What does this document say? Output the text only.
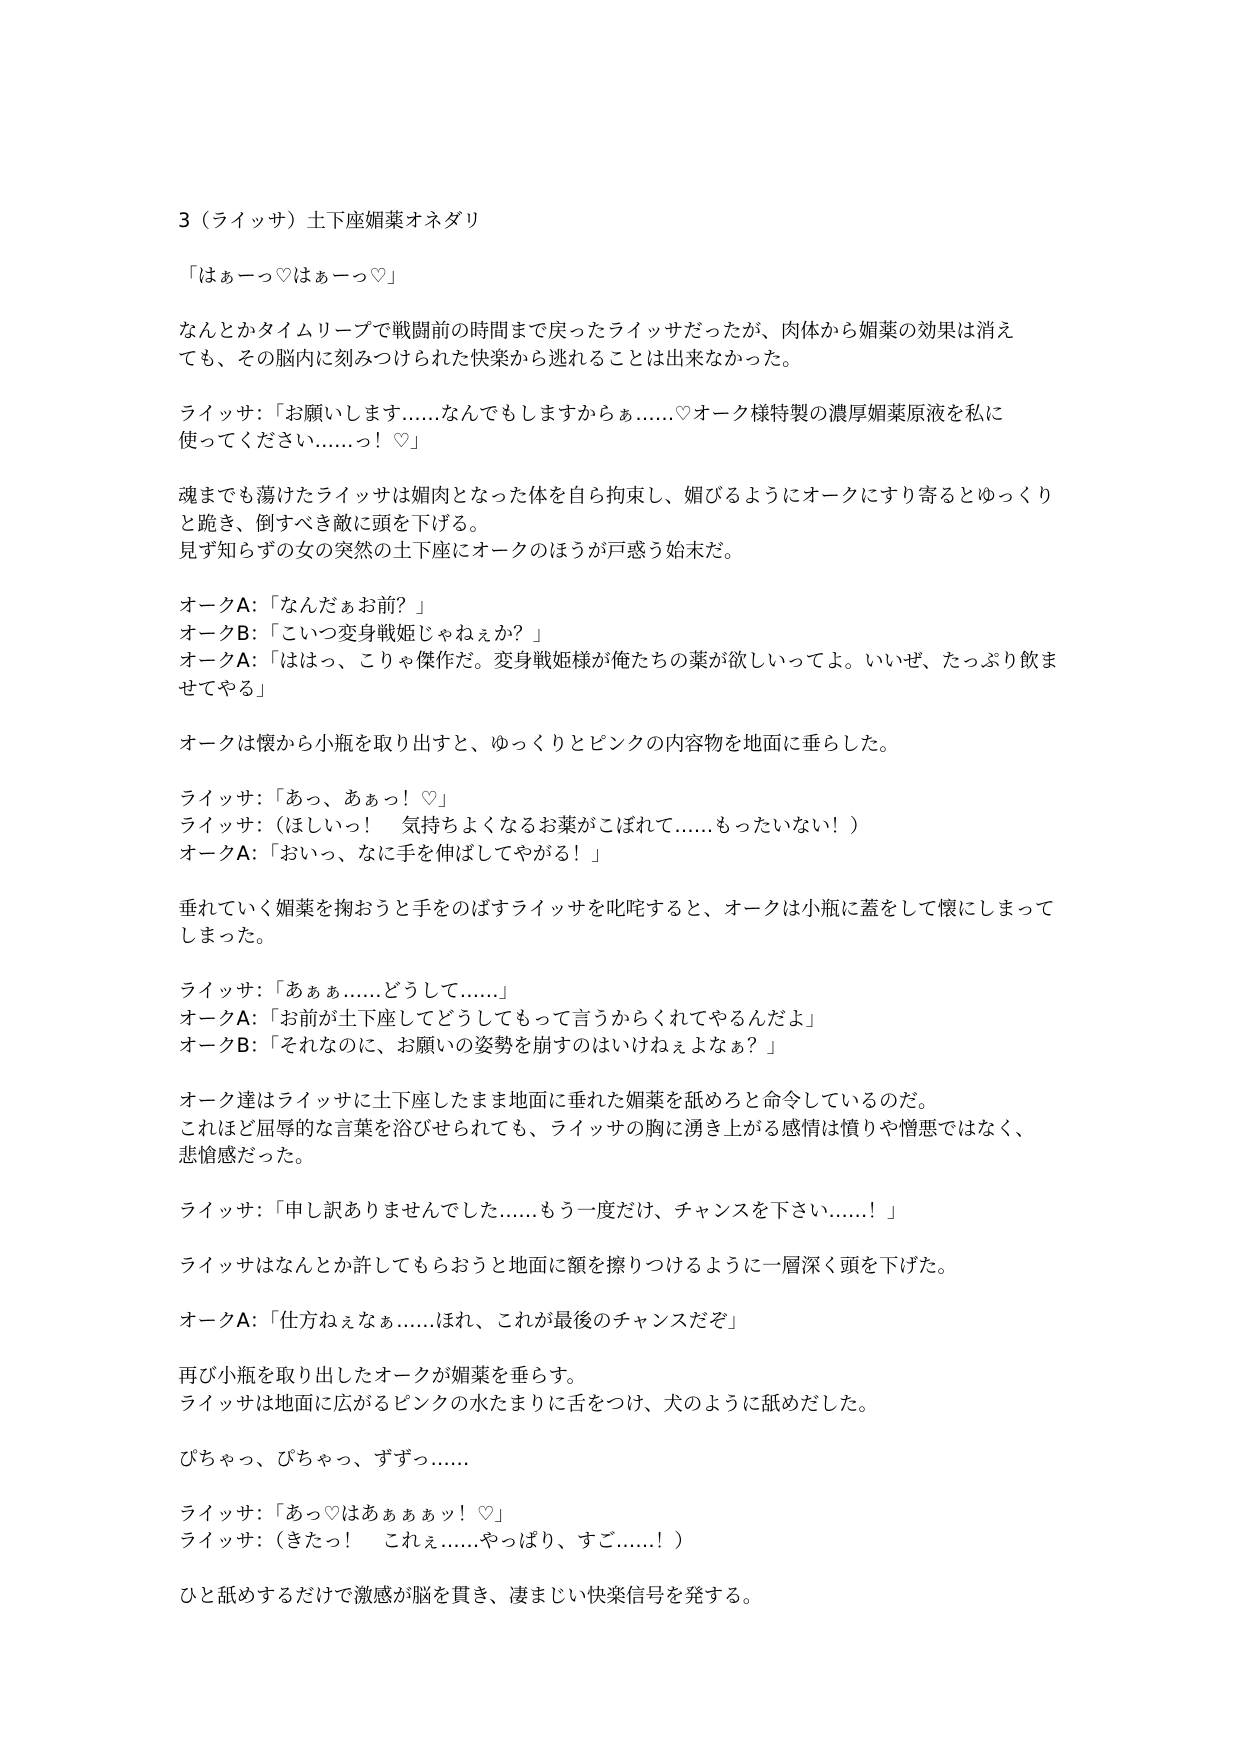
3（ライッサ）土下座媚薬オネダリ

「はぁーっ♡はぁーっ♡」

なんとかタイムリープで戦闘前の時間まで戻ったライッサだったが、肉体から媚薬の効果は消え
ても、その脳内に刻みつけられた快楽から逃れることは出来なかった。

ライッサ：「お願いします……なんでもしますからぁ……♡オーク様特製の濃厚媚薬原液を私に
使ってください……っ！♡」

魂までも蕩けたライッサは媚肉となった体を自ら拘束し、媚びるようにオークにすり寄るとゆっくり
と跪き、倒すべき敵に頭を下げる。
見ず知らずの女の突然の土下座にオークのほうが戸惑う始末だ。

オークA：「なんだぁお前？」
オークB：「こいつ変身戦姫じゃねぇか？」
オークA：「ははっ、こりゃ傑作だ。変身戦姫様が俺たちの薬が欲しいってよ。いいぜ、たっぷり飲ま
せてやる」

オークは懐から小瓶を取り出すと、ゆっくりとピンクの内容物を地面に垂らした。

ライッサ：「あっ、あぁっ！♡」
ライッサ：（ほしいっ！　気持ちよくなるお薬がこぼれて……もったいない！）
オークA：「おいっ、なに手を伸ばしてやがる！」

垂れていく媚薬を掬おうと手をのばすライッサを叱咤すると、オークは小瓶に蓋をして懐にしまって
しまった。

ライッサ：「あぁぁ……どうして……」
オークA：「お前が土下座してどうしてもって言うからくれてやるんだよ」
オークB：「それなのに、お願いの姿勢を崩すのはいけねぇよなぁ？」

オーク達はライッサに土下座したまま地面に垂れた媚薬を舐めろと命令しているのだ。
これほど屈辱的な言葉を浴びせられても、ライッサの胸に湧き上がる感情は憤りや憎悪ではなく、
悲愴感だった。

ライッサ：「申し訳ありませんでした……もう一度だけ、チャンスを下さい……！」

ライッサはなんとか許してもらおうと地面に額を擦りつけるように一層深く頭を下げた。

オークA：「仕方ねぇなぁ……ほれ、これが最後のチャンスだぞ」

再び小瓶を取り出したオークが媚薬を垂らす。
ライッサは地面に広がるピンクの水たまりに舌をつけ、犬のように舐めだした。

ぴちゃっ、ぴちゃっ、ずずっ……

ライッサ：「あっ♡はあぁぁぁッ！♡」
ライッサ：（きたっ！　これぇ……やっぱり、すご……！）

ひと舐めするだけで激感が脳を貫き、凄まじい快楽信号を発する。
